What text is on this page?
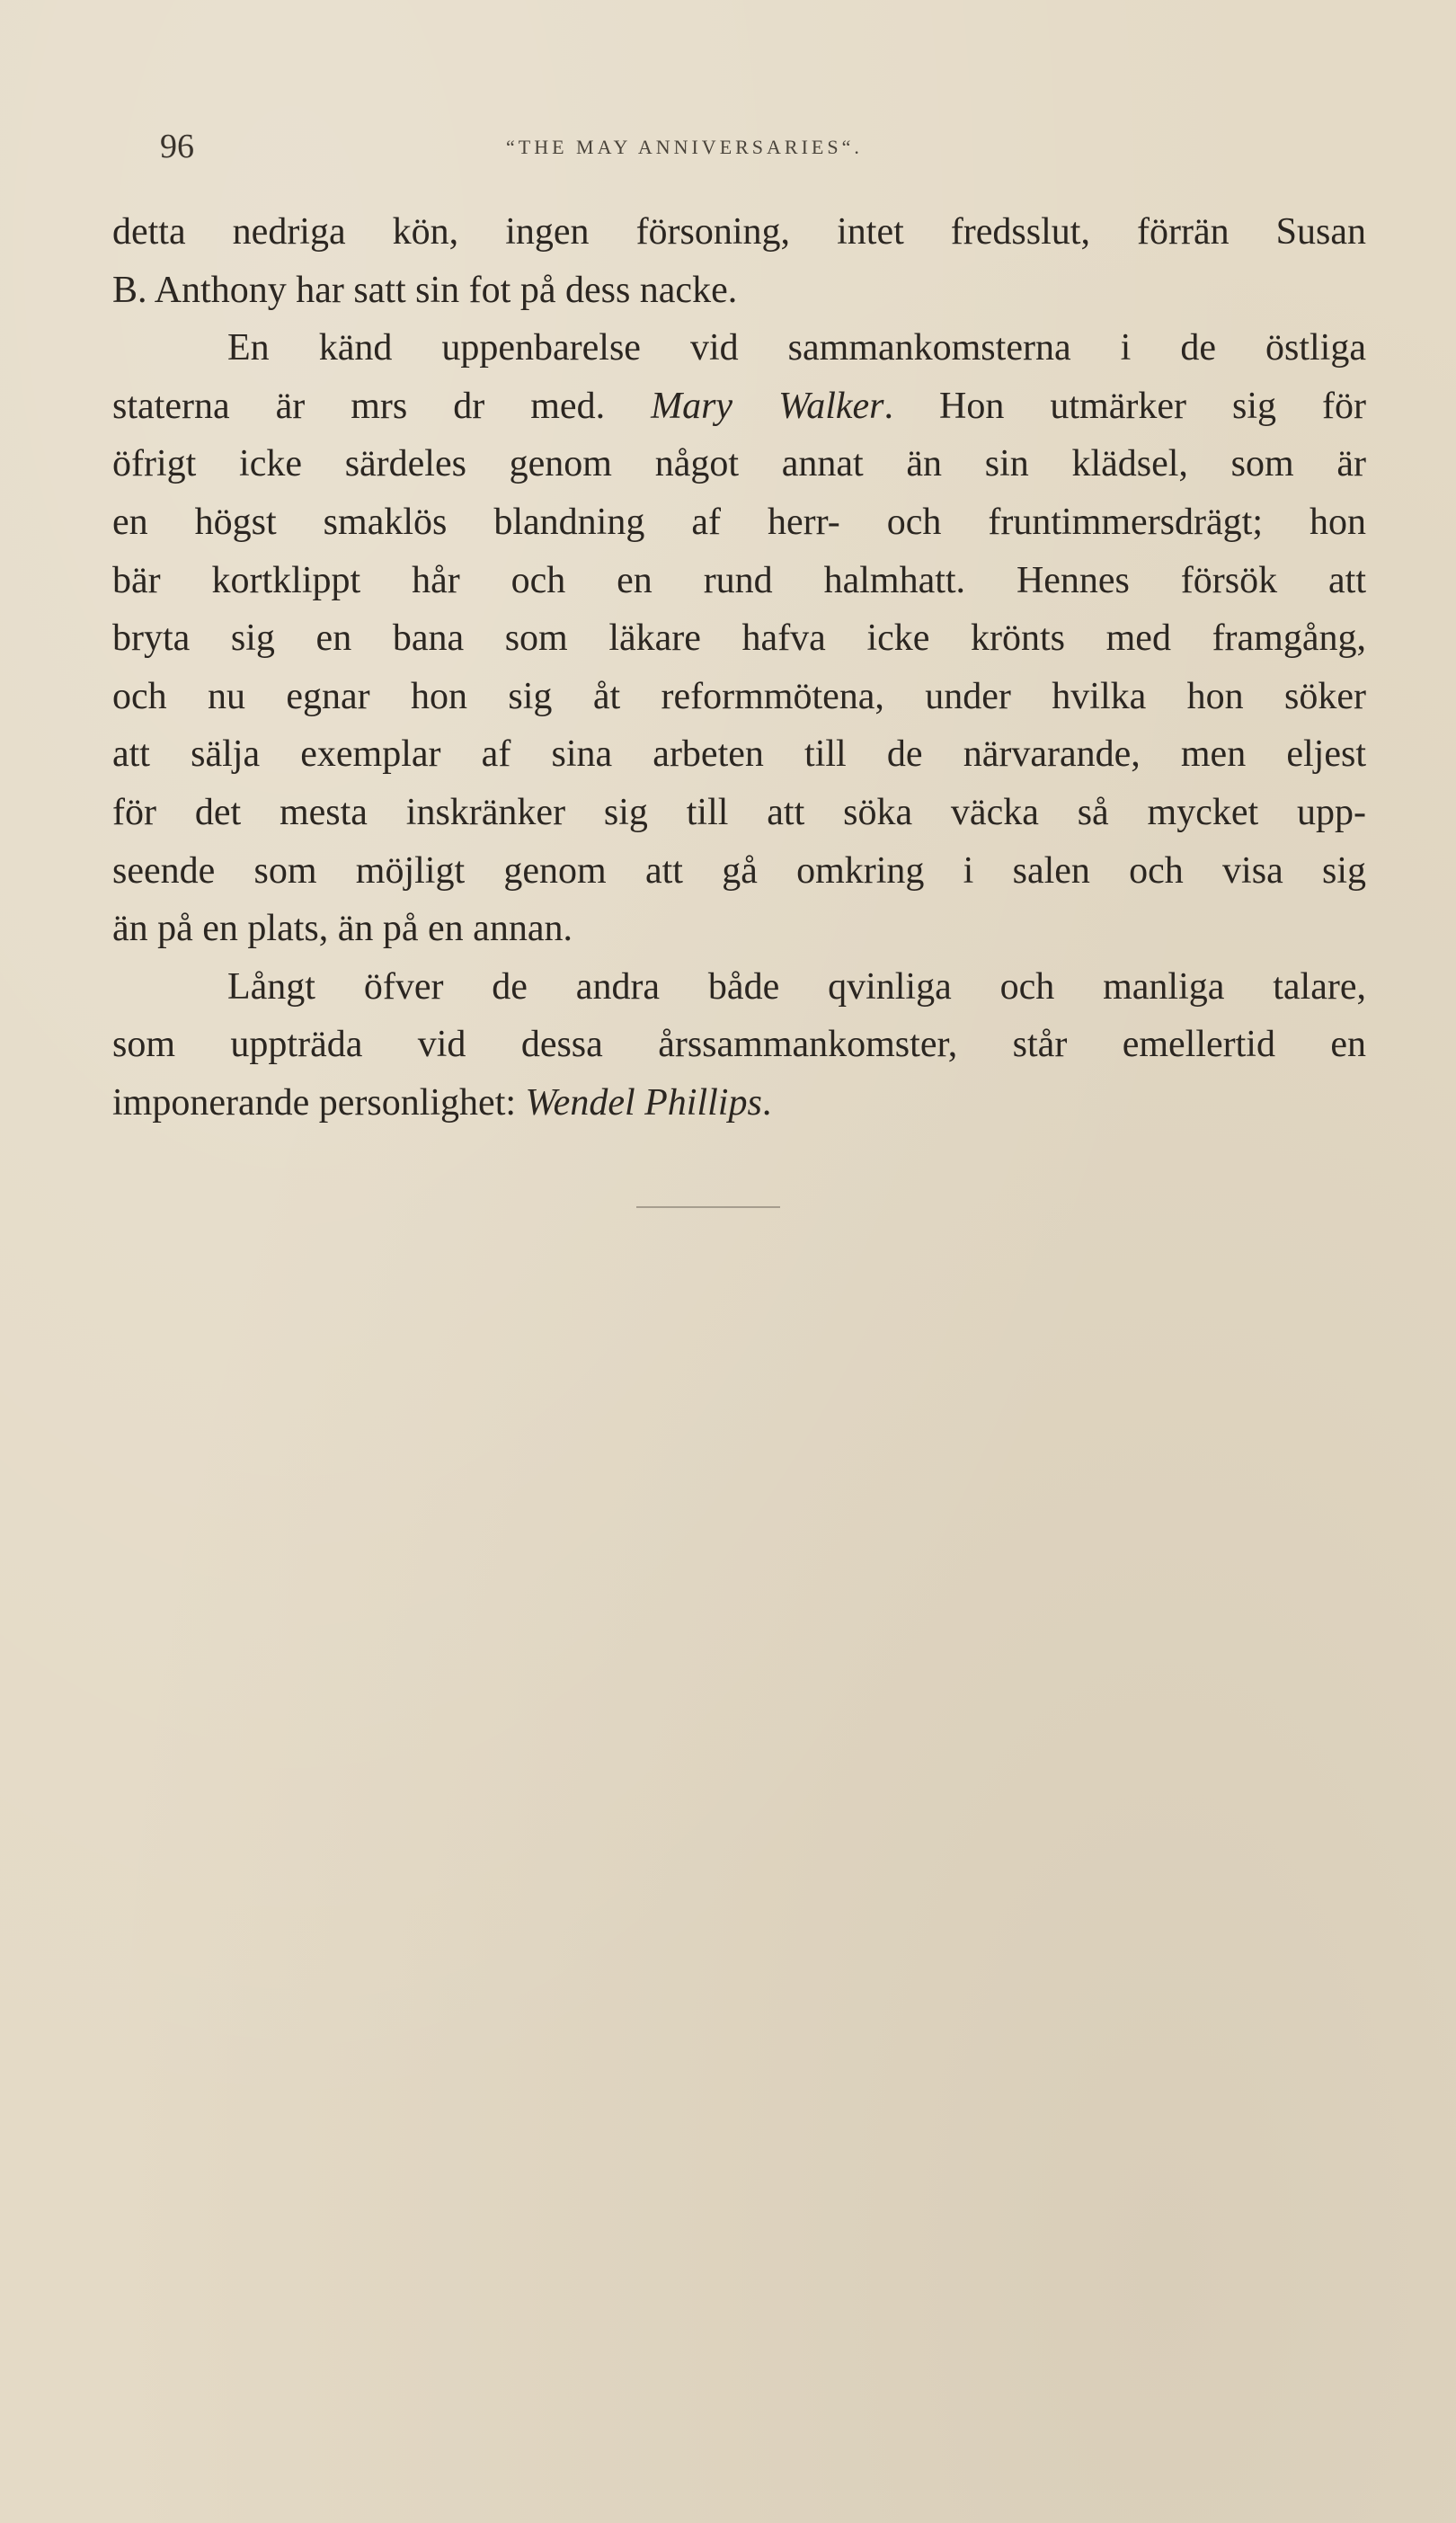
96	“THE MAY ANNIVERSARIES“.
detta nedriga kön, ingen försoning, intet fredsslut, förrän Susan
B. Anthony har satt sin fot på dess nacke.
En känd uppenbarelse vid sammankomsterna i de östliga
staterna är mrs dr med. Mary Walker. Hon utmärker sig för
öfrigt icke särdeles genom något annat än sin klädsel, som är
en högst smaklös blandning af herr- och fruntimmersdrägt; hon
bär kortklippt hår och en rund halmhatt. Hennes försök att
bryta sig en bana som läkare hafva icke krönts med framgång,
och nu egnar hon sig åt reformmötena, under hvilka hon söker
att sälja exemplar af sina arbeten till de närvarande, men eljest
för det mesta inskränker sig till att söka väcka så mycket upp-
seende som möjligt genom att gå omkring i salen och visa sig
än på en plats, än på en annan.
Långt öfver de andra både qvinliga och manliga talare,
som uppträda vid dessa årssammankomster, står emellertid en
imponerande personlighet: Wendel Phillips.
